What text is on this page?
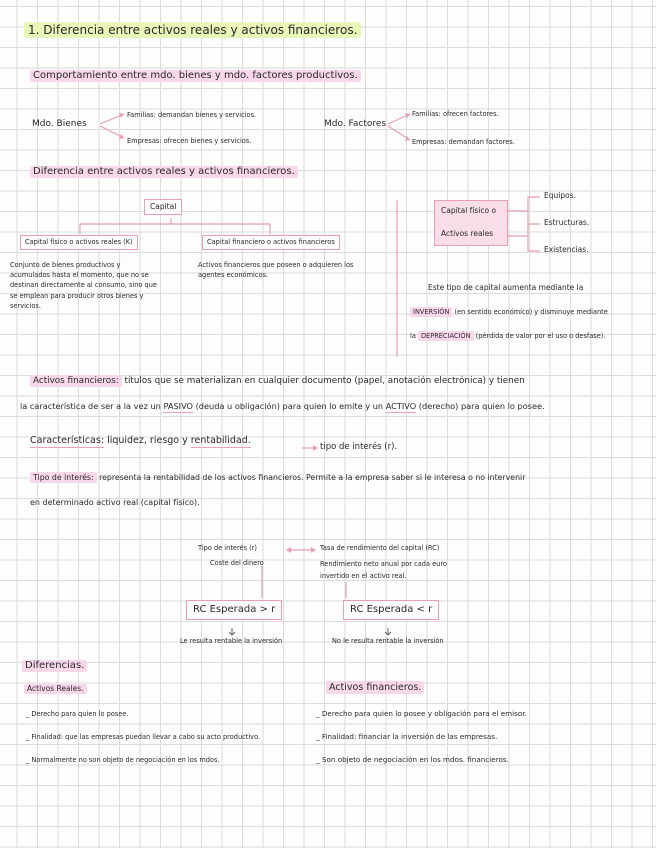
1. Diferencia entre activos reales y activos financieros.
Comportamiento entre mdo. bienes y mdo. factores productivos.
Mdo. Bienes
Familias: demandan bienes y servicios.
Empresas: ofrecen bienes y servicios.
Mdo. Factores
Familias: ofrecen factores.
Empresas: demandan factores.
Diferencia entre activos reales y activos financieros.
Capital
Capital físico o activos reales (K)	Capital financiero o activos financieros
Conjunto de bienes productivos y acumulados hasta el momento, que no se destinan directamente al consumo, sino que se emplean para producir otros bienes y servicios.
Activos financieros que poseen o adquieren los agentes económicos.
Capital físico o
Activos reales
Equipos.
Estructuras.
Existencias.
Este tipo de capital aumenta mediante la
INVERSIÓN (en sentido económico) y disminuye mediante
la DEPRECIACIÓN (pérdida de valor por el uso o desfase).
Activos financieros: títulos que se materializan en cualquier documento (papel, anotación electrónica) y tienen
la característica de ser a la vez un PASIVO (deuda u obligación) para quien lo emite y un ACTIVO (derecho) para quien lo posee.
Características: liquidez, riesgo y rentabilidad.
tipo de interés (r).
Tipo de interés: representa la rentabilidad de los activos financieros. Permite a la empresa saber si le interesa o no intervenir
en determinado activo real (capital físico).
Tipo de interés (r)
Coste del dinero
Tasa de rendimiento del capital (RC)
Rendimiento neto anual por cada euro
invertido en el activo real.
RC Esperada > r	RC Esperada < r
Le resulta rentable la inversión	No le resulta rentable la inversión
Diferencias.
Activos Reales.	Activos financieros.
_ Derecho para quien lo posee.
_ Finalidad: que las empresas puedan llevar a cabo su acto productivo.
_ Normalmente no son objeto de negociación en los mdos.
_ Derecho para quien lo posee y obligación para el emisor.
_ Finalidad: financiar la inversión de las empresas.
_ Son objeto de negociación en los mdos. financieros.
